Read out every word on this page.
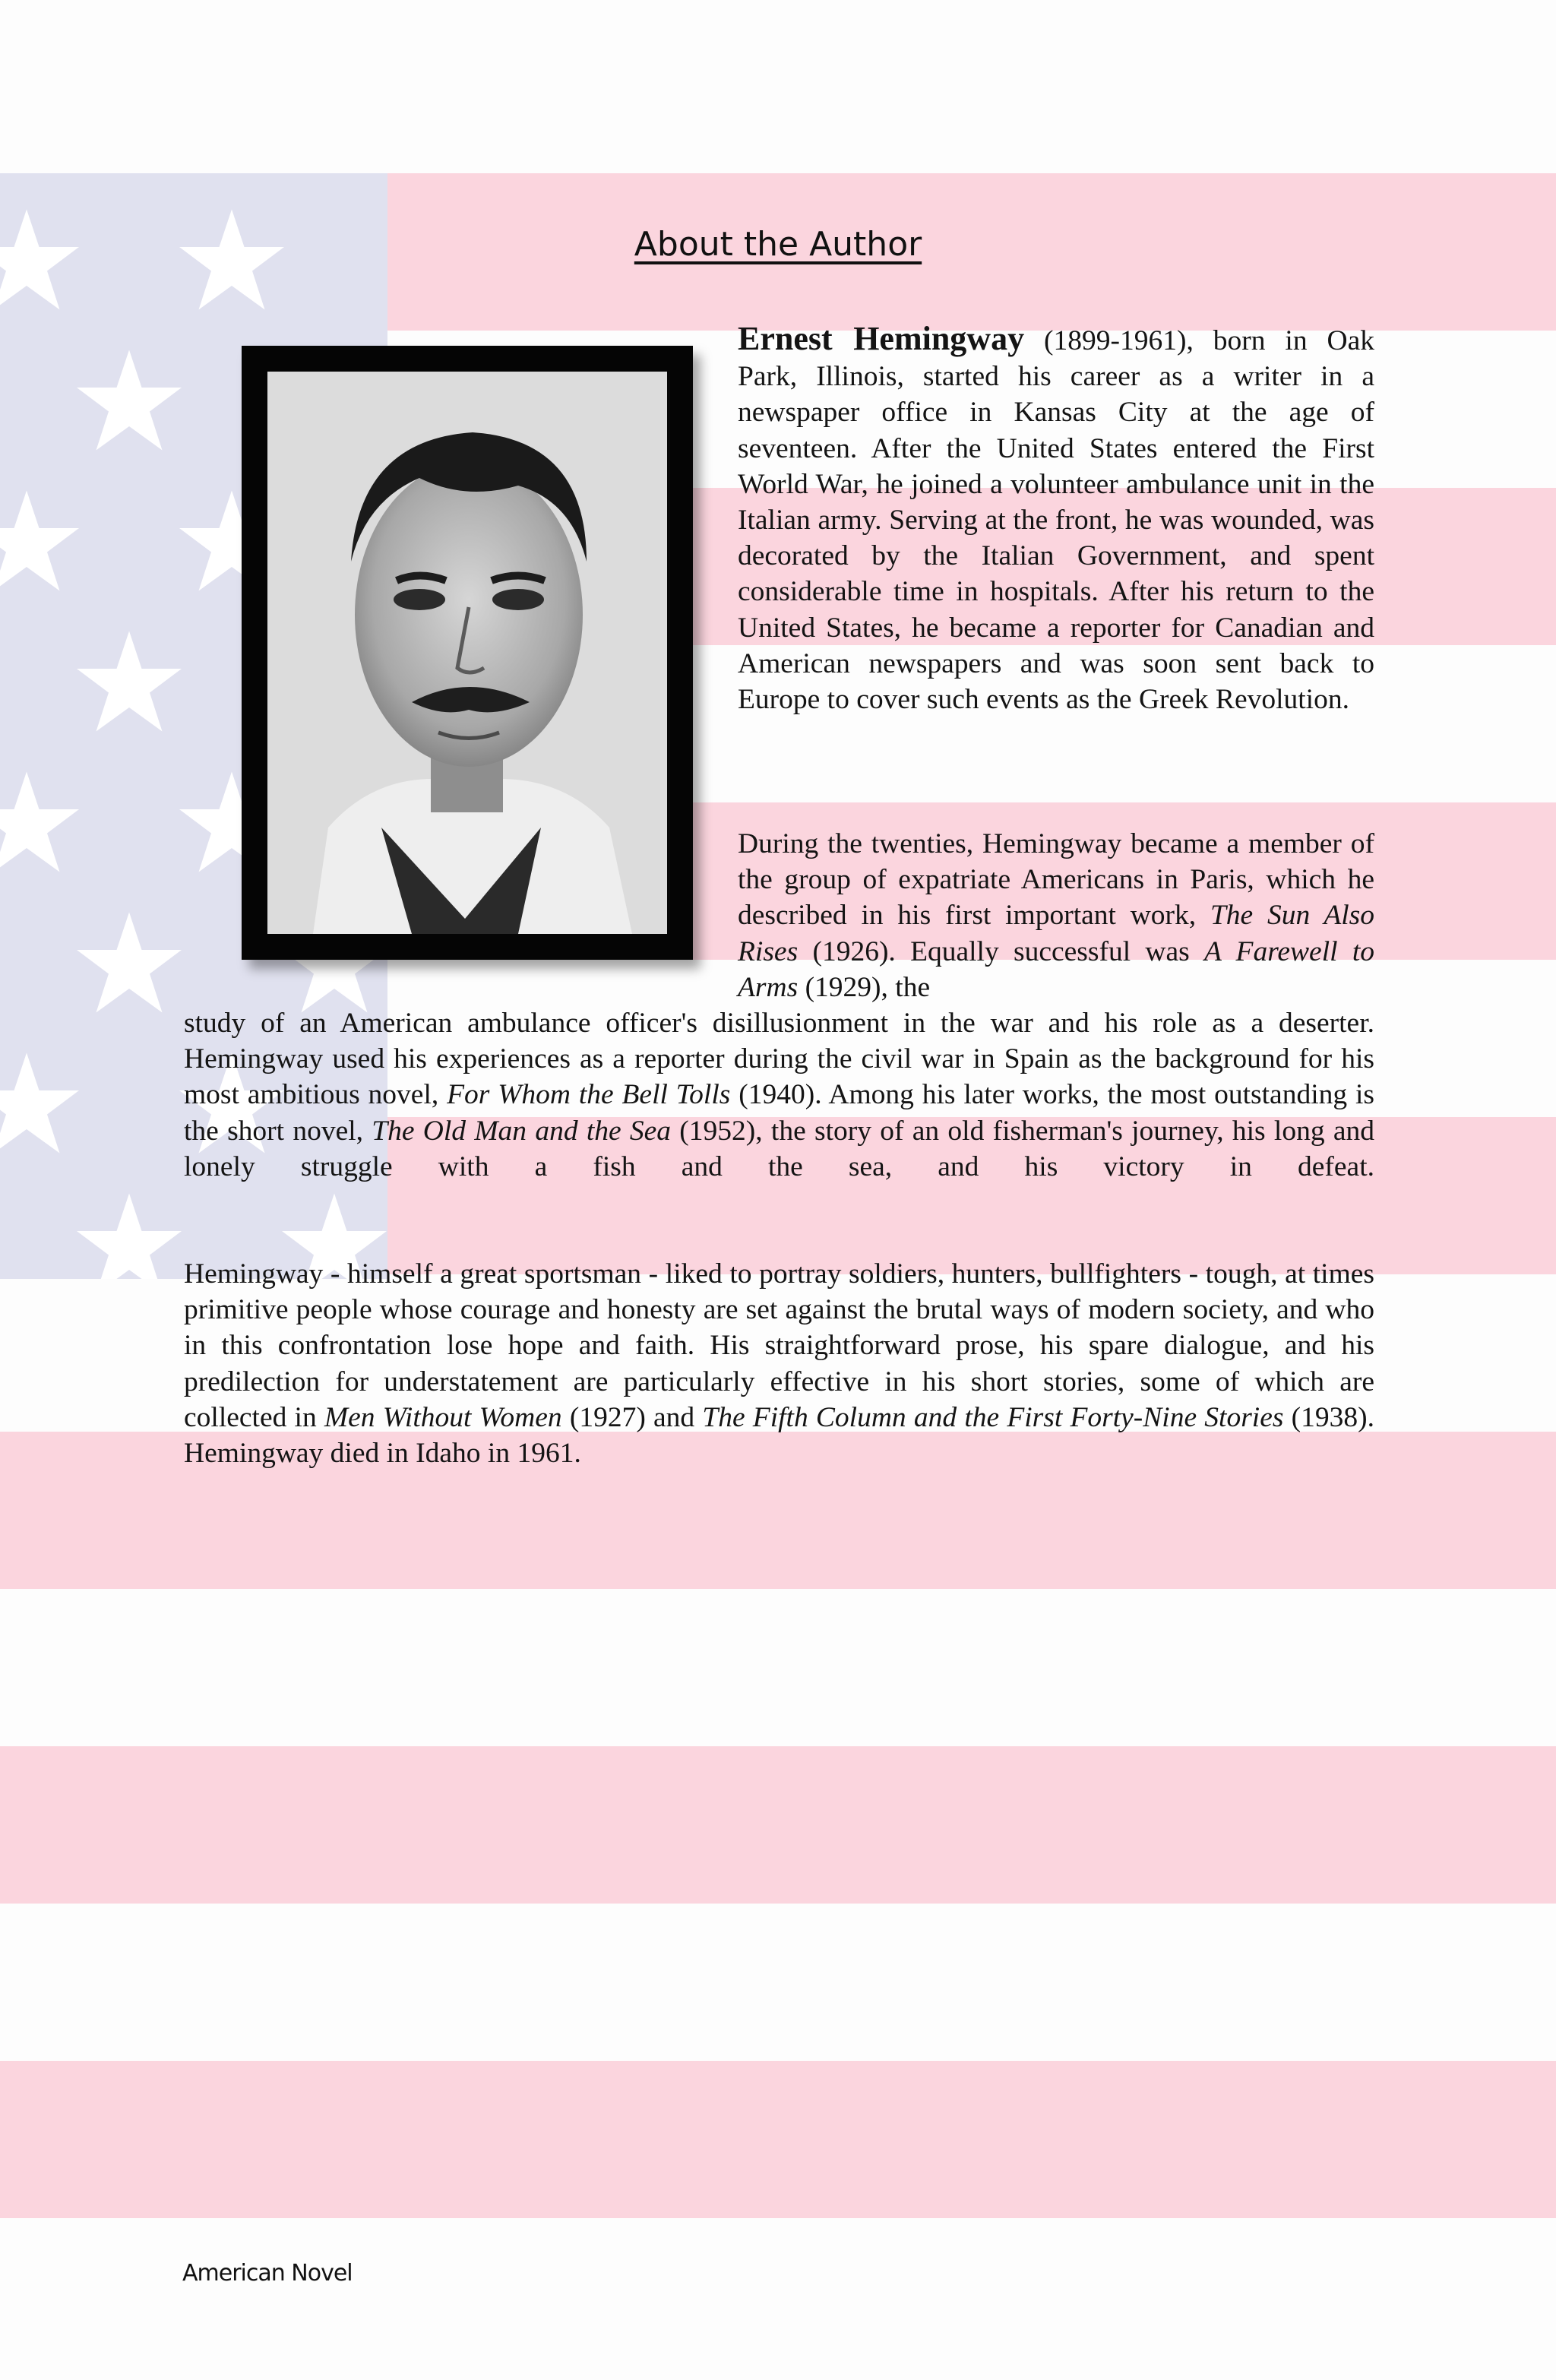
About the Author

Ernest Hemingway (1899-1961), born in Oak Park, Illinois, started his career as a writer in a newspaper office in Kansas City at the age of seventeen. After the United States entered the First World War, he joined a volunteer ambulance unit in the Italian army. Serving at the front, he was wounded, was decorated by the Italian Government, and spent considerable time in hospitals. After his return to the United States, he became a reporter for Canadian and American newspapers and was soon sent back to Europe to cover such events as the Greek Revolution.

During the twenties, Hemingway became a member of the group of expatriate Americans in Paris, which he described in his first important work, The Sun Also Rises (1926). Equally successful was A Farewell to Arms (1929), the

study of an American ambulance officer's disillusionment in the war and his role as a deserter. Hemingway used his experiences as a reporter during the civil war in Spain as the background for his most ambitious novel, For Whom the Bell Tolls (1940). Among his later works, the most outstanding is the short novel, The Old Man and the Sea (1952), the story of an old fisherman's journey, his long and lonely struggle with a fish and the sea, and his victory in defeat.

Hemingway - himself a great sportsman - liked to portray soldiers, hunters, bullfighters - tough, at times primitive people whose courage and honesty are set against the brutal ways of modern society, and who in this confrontation lose hope and faith. His straightforward prose, his spare dialogue, and his predilection for understatement are particularly effective in his short stories, some of which are collected in Men Without Women (1927) and The Fifth Column and the First Forty-Nine Stories (1938). Hemingway died in Idaho in 1961.

American Novel
